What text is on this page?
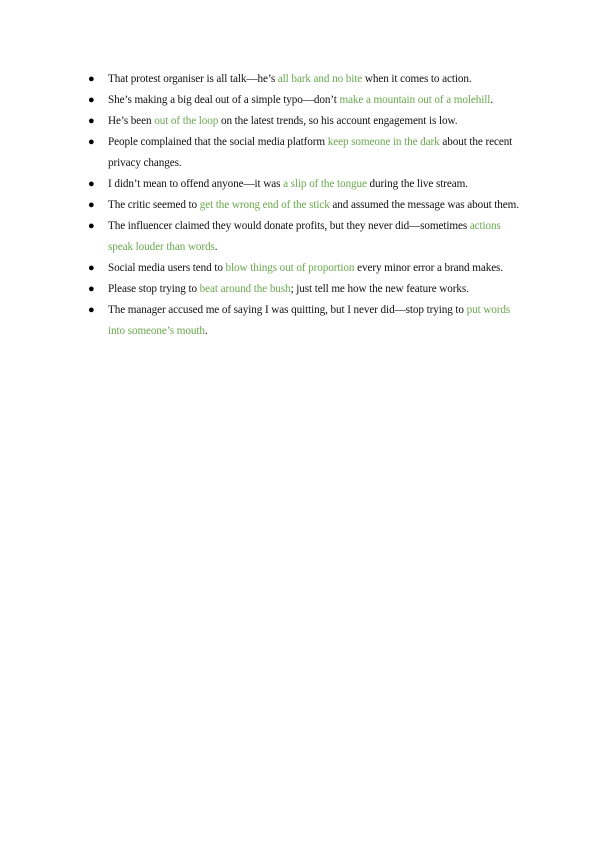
● That protest organiser is all talk—he’s all bark and no bite when it comes to action.
● She’s making a big deal out of a simple typo—don’t make a mountain out of a molehill.
● He’s been out of the loop on the latest trends, so his account engagement is low.
● People complained that the social media platform keep someone in the dark about the recent privacy changes.
● I didn’t mean to offend anyone—it was a slip of the tongue during the live stream.
● The critic seemed to get the wrong end of the stick and assumed the message was about them.
● The influencer claimed they would donate profits, but they never did—sometimes actions speak louder than words.
● Social media users tend to blow things out of proportion every minor error a brand makes.
● Please stop trying to beat around the bush; just tell me how the new feature works.
● The manager accused me of saying I was quitting, but I never did—stop trying to put words into someone’s mouth.
